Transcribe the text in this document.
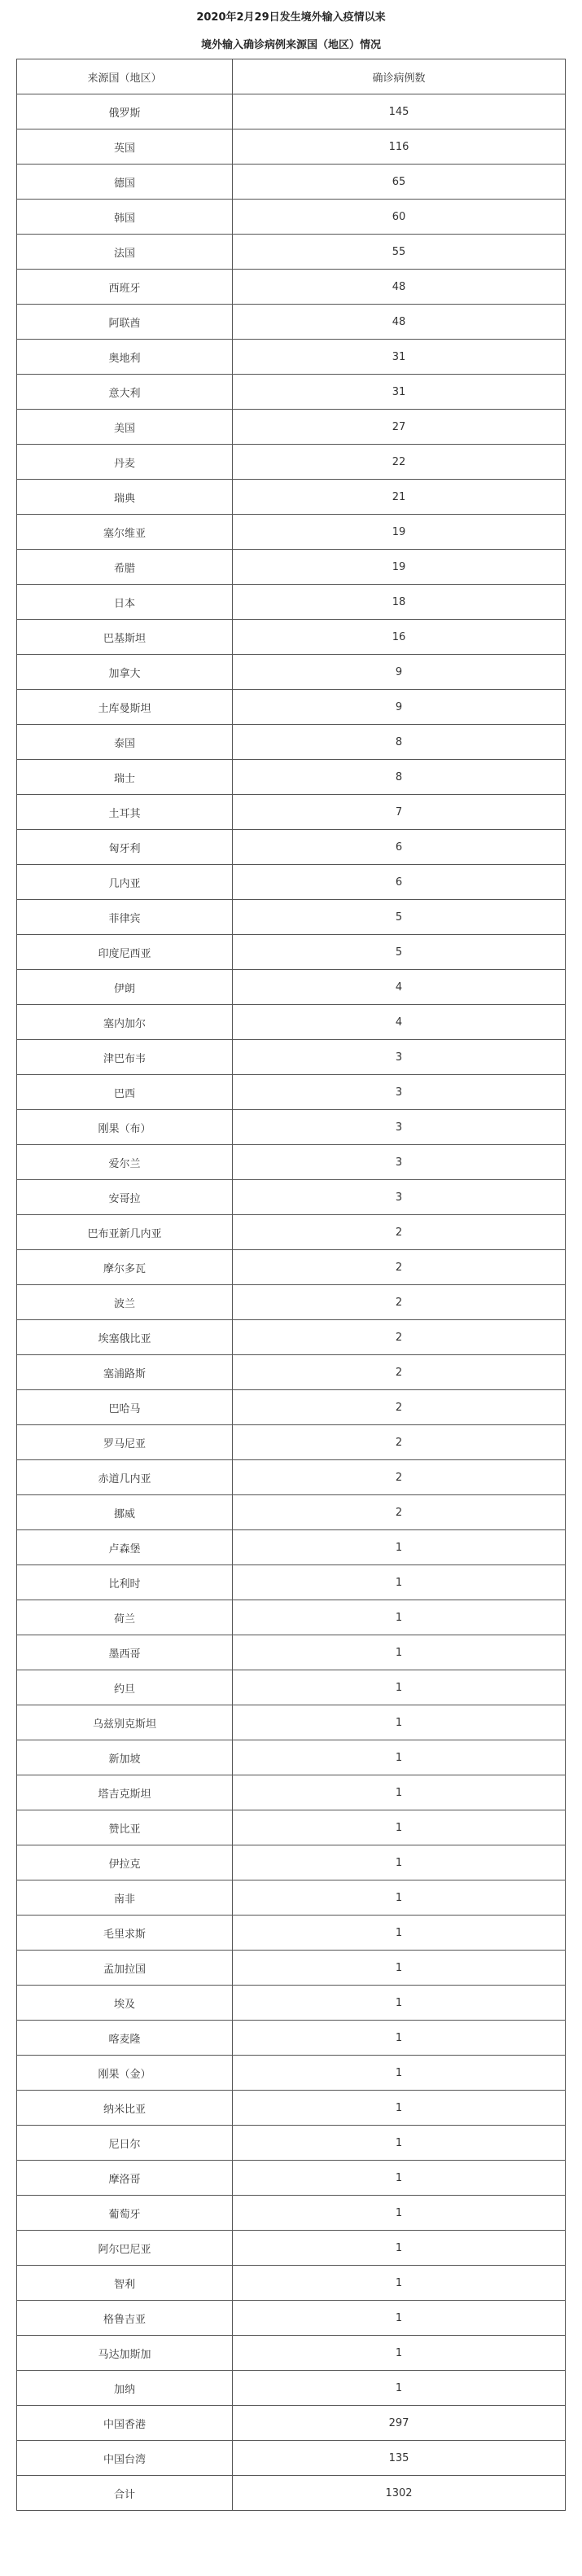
2020年2月29日发生境外输入疫情以来
境外输入确诊病例来源国（地区）情况
来源国（地区）	确诊病例数
俄罗斯	145
英国	116
德国	65
韩国	60
法国	55
西班牙	48
阿联酋	48
奥地利	31
意大利	31
美国	27
丹麦	22
瑞典	21
塞尔维亚	19
希腊	19
日本	18
巴基斯坦	16
加拿大	9
土库曼斯坦	9
泰国	8
瑞士	8
土耳其	7
匈牙利	6
几内亚	6
菲律宾	5
印度尼西亚	5
伊朗	4
塞内加尔	4
津巴布韦	3
巴西	3
刚果（布）	3
爱尔兰	3
安哥拉	3
巴布亚新几内亚	2
摩尔多瓦	2
波兰	2
埃塞俄比亚	2
塞浦路斯	2
巴哈马	2
罗马尼亚	2
赤道几内亚	2
挪威	2
卢森堡	1
比利时	1
荷兰	1
墨西哥	1
约旦	1
乌兹别克斯坦	1
新加坡	1
塔吉克斯坦	1
赞比亚	1
伊拉克	1
南非	1
毛里求斯	1
孟加拉国	1
埃及	1
喀麦隆	1
刚果（金）	1
纳米比亚	1
尼日尔	1
摩洛哥	1
葡萄牙	1
阿尔巴尼亚	1
智利	1
格鲁吉亚	1
马达加斯加	1
加纳	1
中国香港	297
中国台湾	135
合计	1302
